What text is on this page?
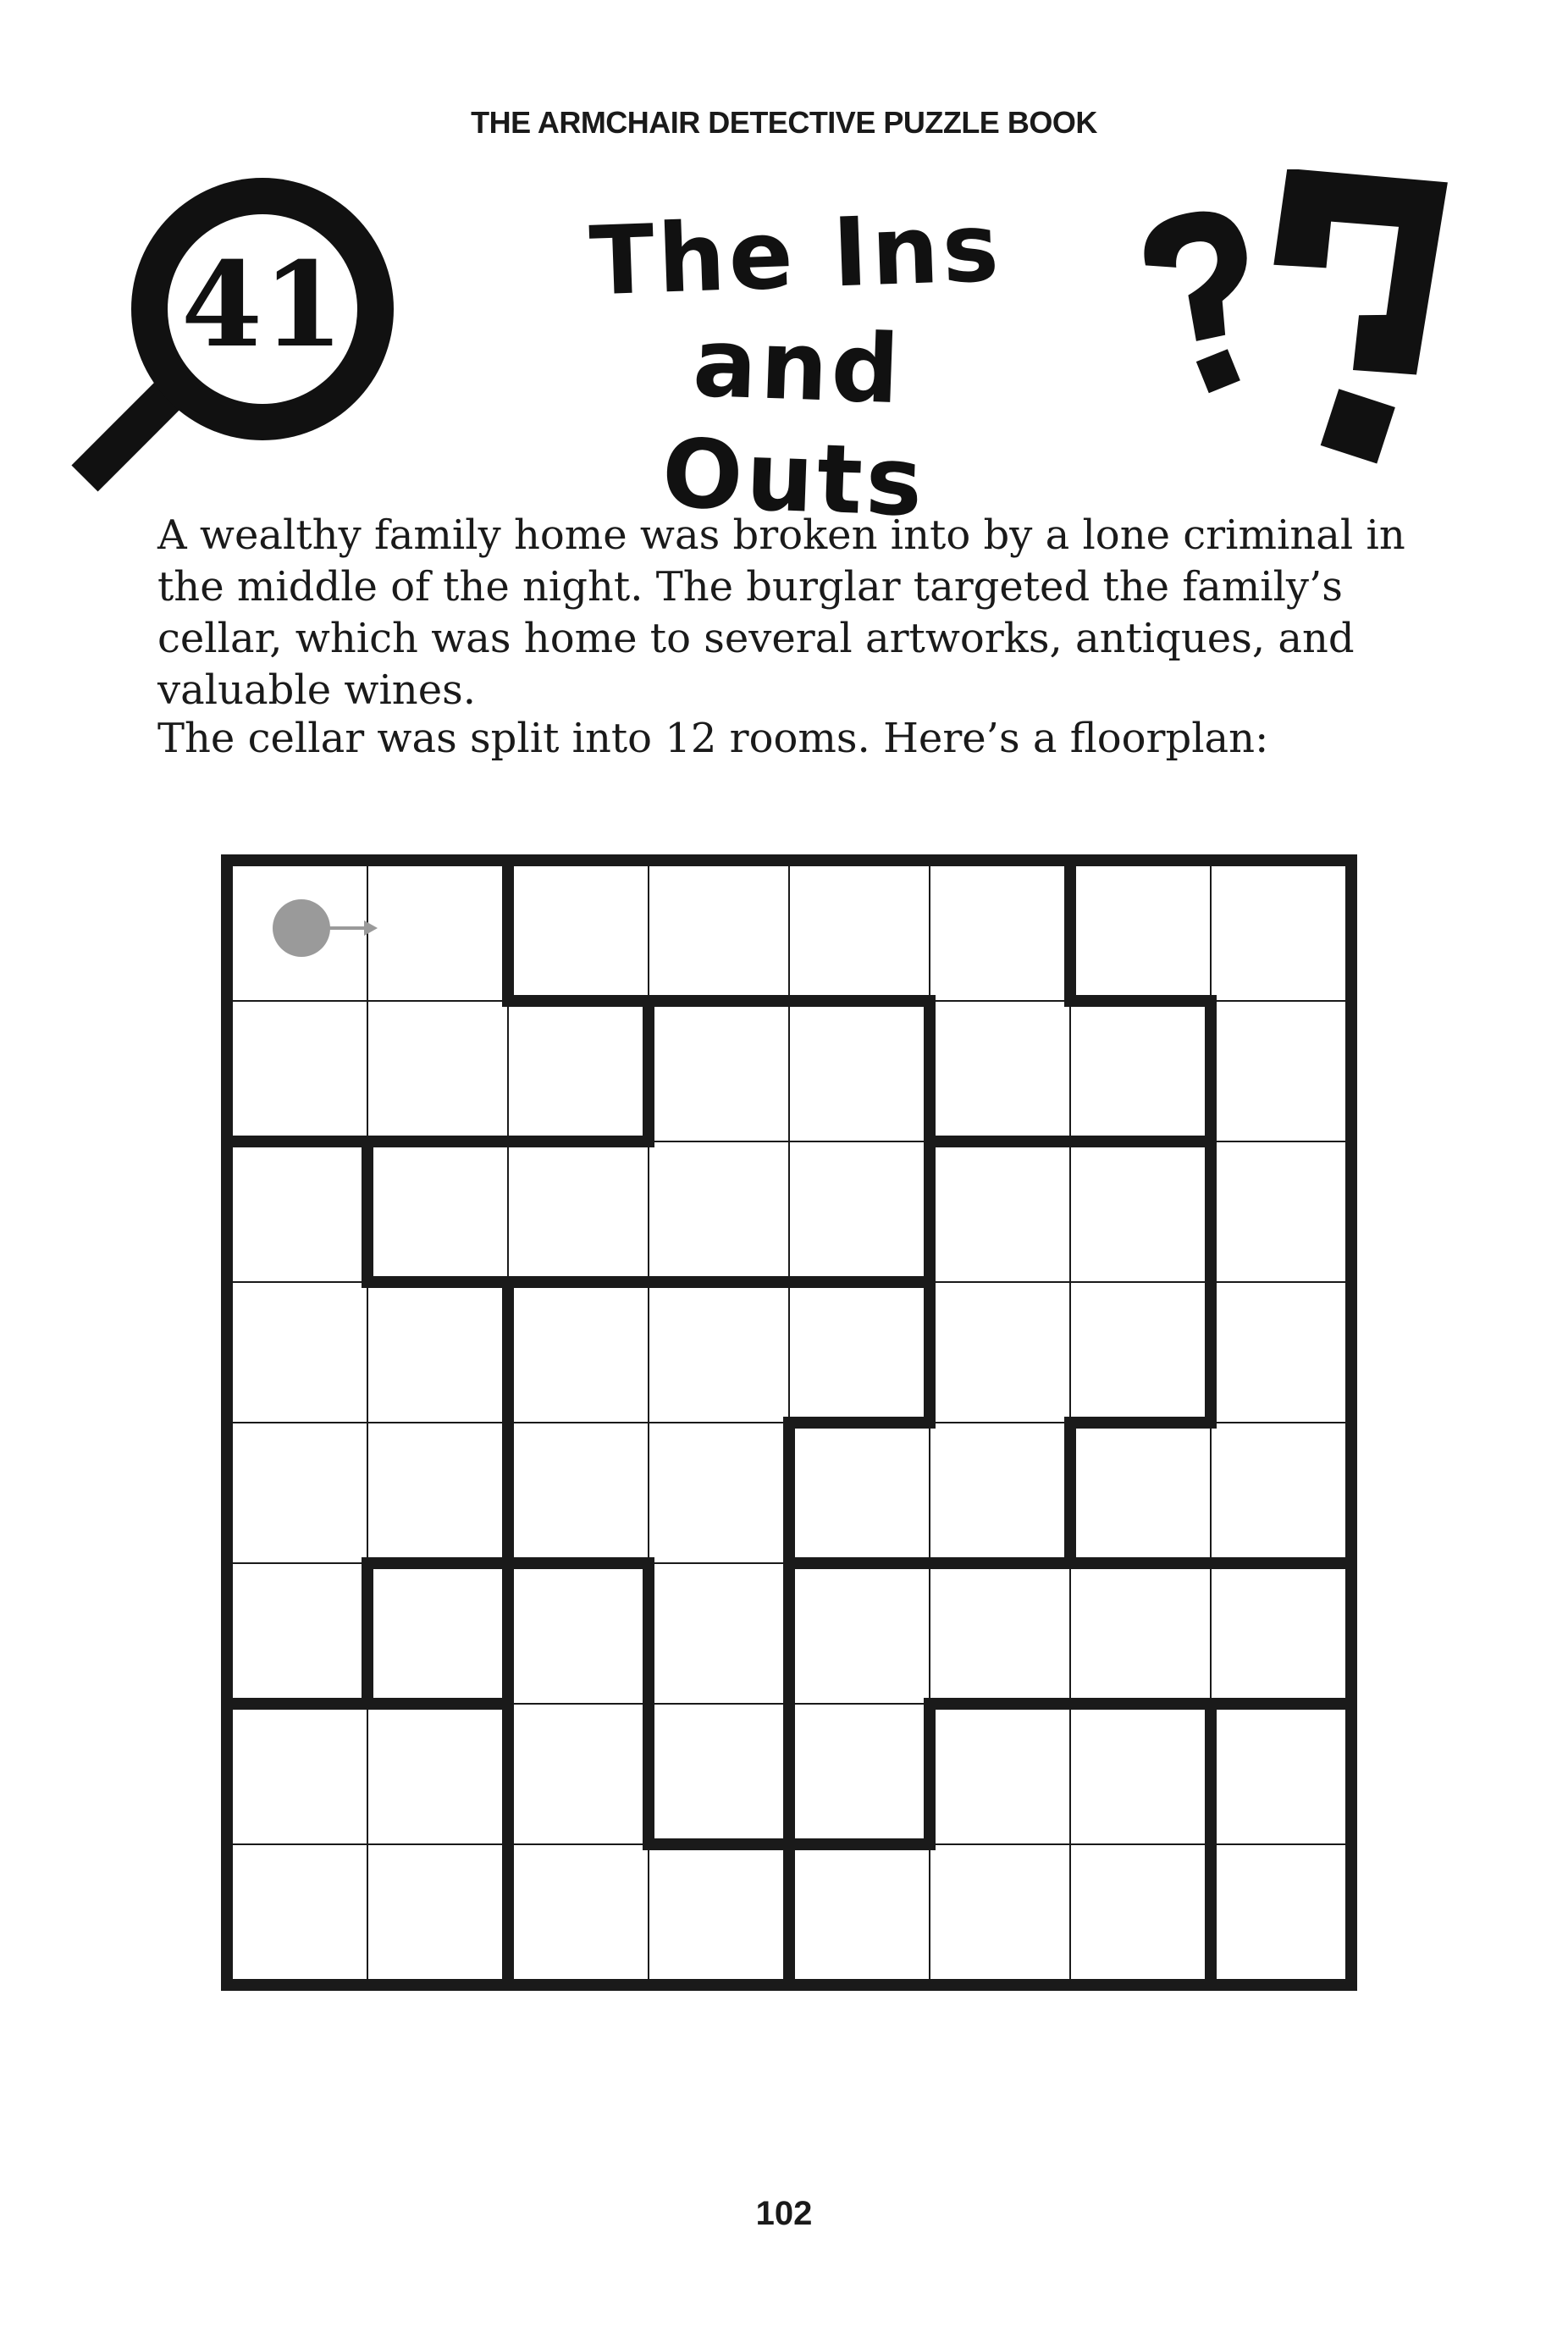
THE ARMCHAIR DETECTIVE PUZZLE BOOK
41	The Ins
and Outs

A wealthy family home was broken into by a lone criminal in the middle of the night. The burglar targeted the family’s cellar, which was home to several artworks, antiques, and valuable wines.

The cellar was split into 12 rooms. Here’s a floorplan:

102
